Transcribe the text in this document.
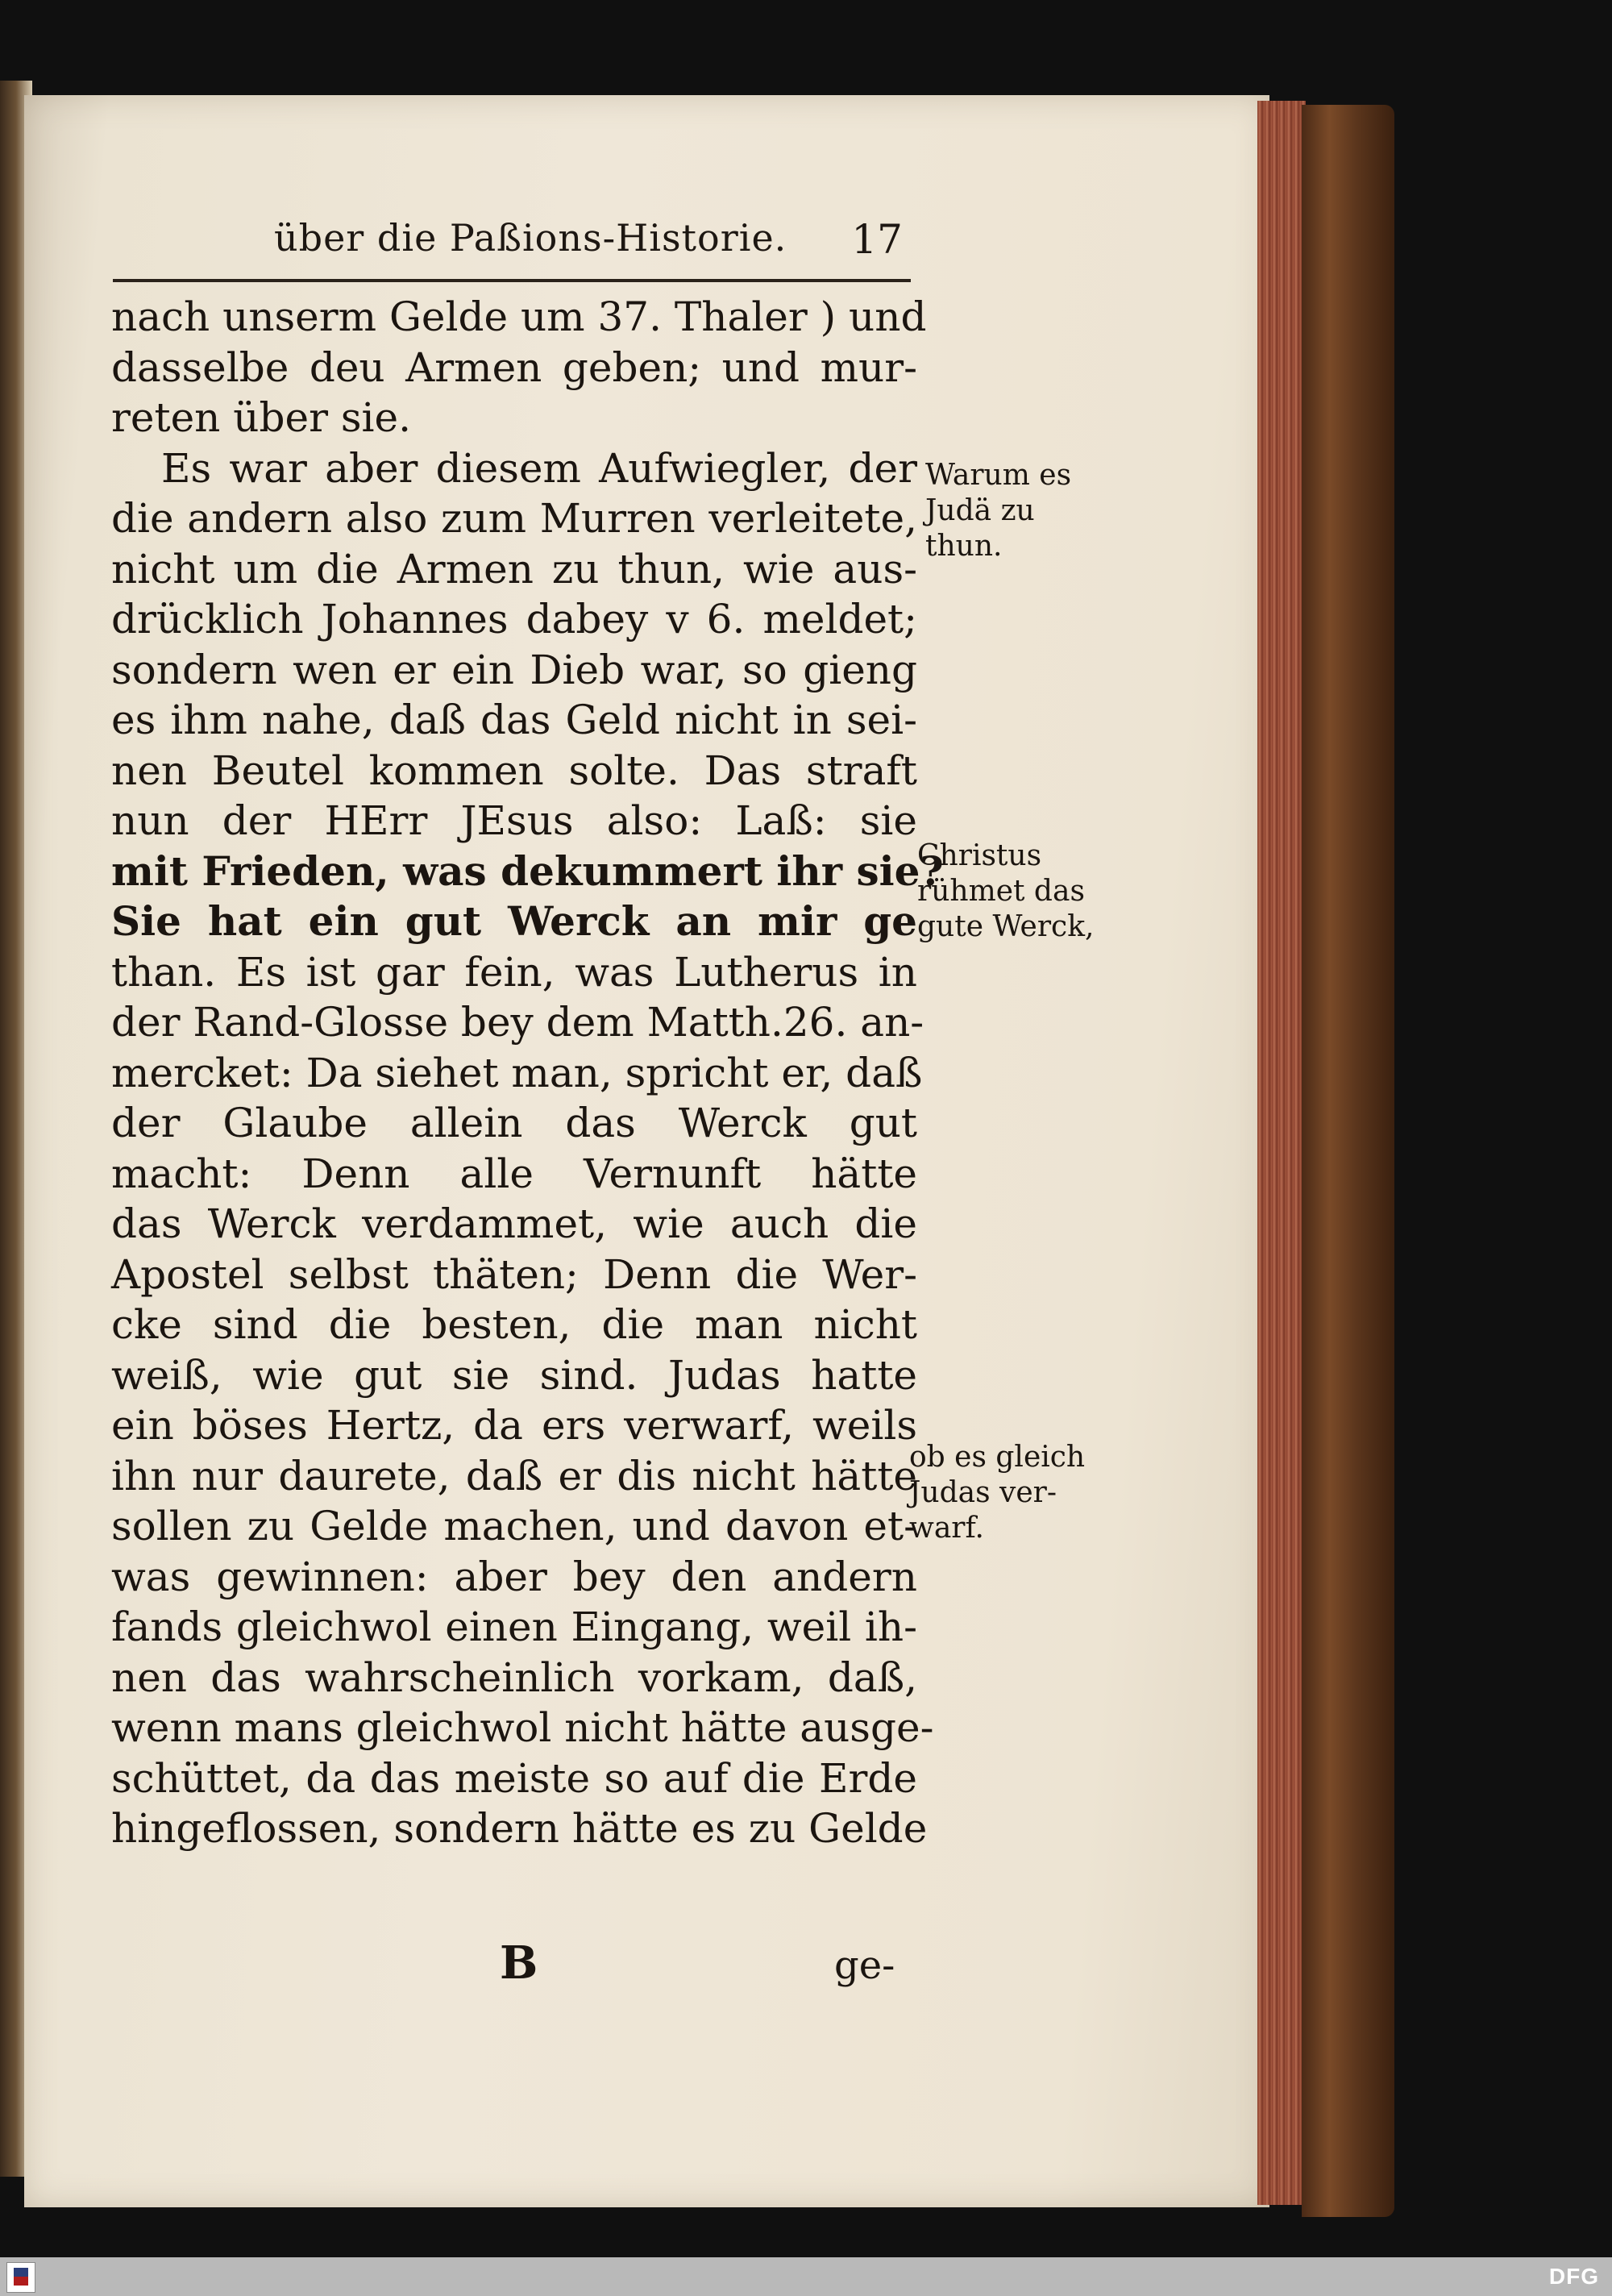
über die Paßions-Historie. 17
nach unserm Gelde um 37. Thaler ) und
dasselbe deu Armen geben; und mur-
reten über sie.
Es war aber diesem Aufwiegler, der
die andern also zum Murren verleitete,
nicht um die Armen zu thun, wie aus-
drücklich Johannes dabey v 6. meldet;
sondern wen er ein Dieb war, so gieng
es ihm nahe, daß das Geld nicht in sei-
nen Beutel kommen solte. Das straft
nun der HErr JEsus also: Laß: sie
mit Frieden, was dekummert ihr sie?
Sie hat ein gut Werck an mir ge
than. Es ist gar fein, was Lutherus in
der Rand-Glosse bey dem Matth.26. an-
mercket: Da siehet man, spricht er, daß
der Glaube allein das Werck gut
macht: Denn alle Vernunft hätte
das Werck verdammet, wie auch die
Apostel selbst thäten; Denn die Wer-
cke sind die besten, die man nicht
weiß, wie gut sie sind. Judas hatte
ein böses Hertz, da ers verwarf, weils
ihn nur daurete, daß er dis nicht hätte
sollen zu Gelde machen, und davon et-
was gewinnen: aber bey den andern
fands gleichwol einen Eingang, weil ih-
nen das wahrscheinlich vorkam, daß,
wenn mans gleichwol nicht hätte ausge-
schüttet, da das meiste so auf die Erde
hingeflossen, sondern hätte es zu Gelde
Warum es
Judä zu
thun.
Christus
rühmet das
gute Werck,
ob es gleich
Judas ver-
warf.
B	ge-
DFG
